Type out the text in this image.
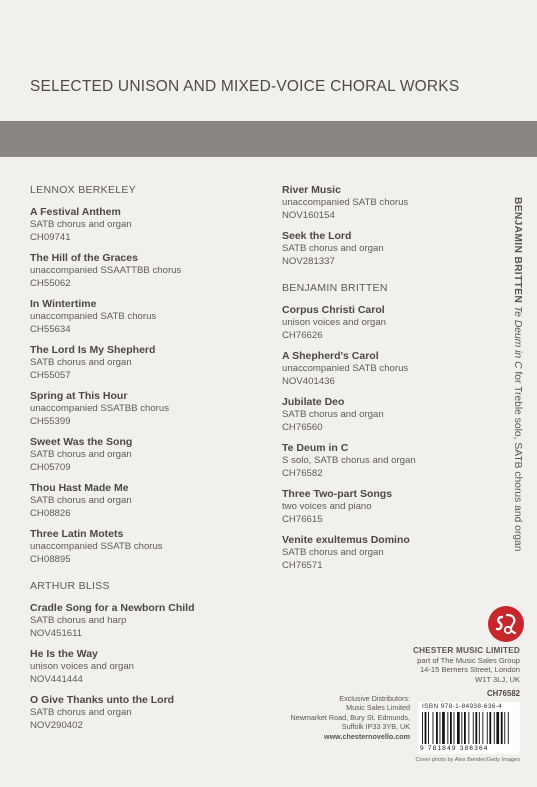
SELECTED UNISON AND MIXED-VOICE CHORAL WORKS
LENNOX BERKELEY
A Festival Anthem
SATB chorus and organ
CH09741
The Hill of the Graces
unaccompanied SSAATTBB chorus
CH55062
In Wintertime
unaccompanied SATB chorus
CH55634
The Lord Is My Shepherd
SATB chorus and organ
CH55057
Spring at This Hour
unaccompanied SSATBB chorus
CH55399
Sweet Was the Song
SATB chorus and organ
CH05709
Thou Hast Made Me
SATB chorus and organ
CH08826
Three Latin Motets
unaccompanied SSATB chorus
CH08895
ARTHUR BLISS
Cradle Song for a Newborn Child
SATB chorus and harp
NOV451611
He Is the Way
unison voices and organ
NOV441444
O Give Thanks unto the Lord
SATB chorus and organ
NOV290402
River Music
unaccompanied SATB chorus
NOV160154
Seek the Lord
SATB chorus and organ
NOV281337
BENJAMIN BRITTEN
Corpus Christi Carol
unison voices and organ
CH76626
A Shepherd's Carol
unaccompanied SATB chorus
NOV401436
Jubilate Deo
SATB chorus and organ
CH76560
Te Deum in C
S solo, SATB chorus and organ
CH76582
Three Two-part Songs
two voices and piano
CH76615
Venite exultemus Domino
SATB chorus and organ
CH76571
BENJAMIN BRITTEN Te Deum in C for Treble solo, SATB chorus and organ
CHESTER MUSIC LIMITED
part of The Music Sales Group
14-15 Berners Street, London
W1T 3LJ, UK
CH76582
Exclusive Distributors:
Music Sales Limited
Newmarket Road, Bury St. Edmunds,
Suffolk IP33 3YB, UK
www.chesternovello.com
ISBN 978-1-84938-636-4
9 781849 386364
Cover photo by Alex Bender/Getty Images
